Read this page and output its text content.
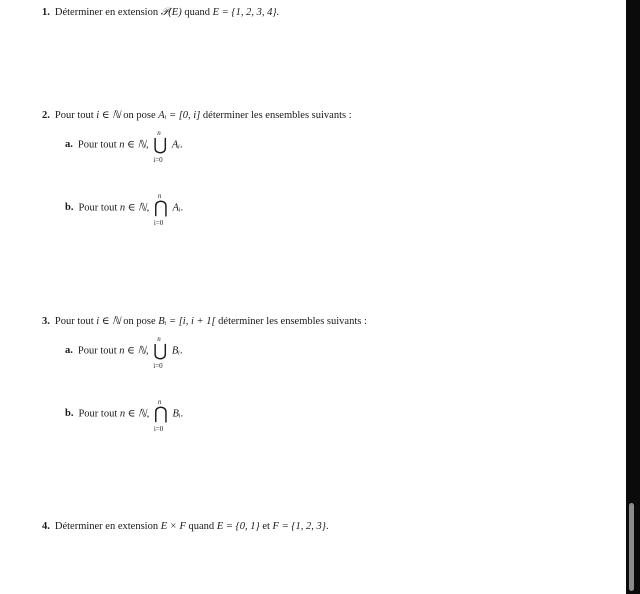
1. Déterminer en extension 𝒫(E) quand E = {1, 2, 3, 4}.
2. Pour tout i ∈ ℕ on pose Aᵢ = [0, i] déterminer les ensembles suivants :
a. Pour tout n ∈ ℕ, ⋃
n
i=0
Aᵢ.
b. Pour tout n ∈ ℕ, ⋂
n
i=0
Aᵢ.
3. Pour tout i ∈ ℕ on pose Bᵢ = [i, i + 1[ déterminer les ensembles suivants :
a. Pour tout n ∈ ℕ, ⋃
n
i=0
Bᵢ.
b. Pour tout n ∈ ℕ, ⋂
n
i=0
Bᵢ.
4. Déterminer en extension E × F quand E = {0, 1} et F = {1, 2, 3}.
